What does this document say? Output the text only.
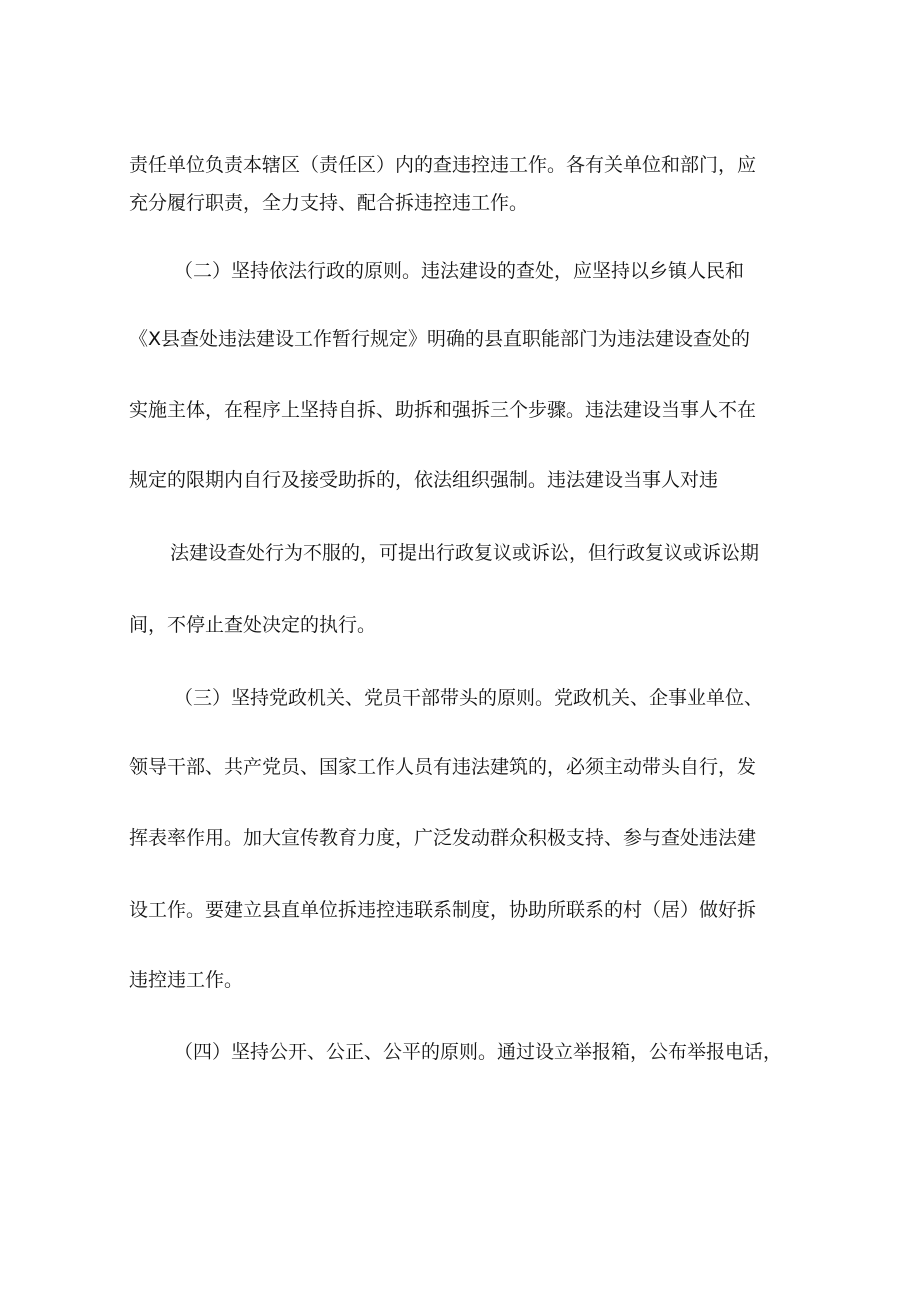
责任单位负责本辖区（责任区）内的查违控违工作。各有关单位和部门，应
充分履行职责，全力支持、配合拆违控违工作。
（二）坚持依法行政的原则。违法建设的查处，应坚持以乡镇人民和
《X县查处违法建设工作暂行规定》明确的县直职能部门为违法建设查处的
实施主体，在程序上坚持自拆、助拆和强拆三个步骤。违法建设当事人不在
规定的限期内自行及接受助拆的，依法组织强制。违法建设当事人对违
法建设查处行为不服的，可提出行政复议或诉讼，但行政复议或诉讼期
间，不停止查处决定的执行。
（三）坚持党政机关、党员干部带头的原则。党政机关、企事业单位、
领导干部、共产党员、国家工作人员有违法建筑的，必须主动带头自行，发
挥表率作用。加大宣传教育力度，广泛发动群众积极支持、参与查处违法建
设工作。要建立县直单位拆违控违联系制度，协助所联系的村（居）做好拆
违控违工作。
（四）坚持公开、公正、公平的原则。通过设立举报箱，公布举报电话，
